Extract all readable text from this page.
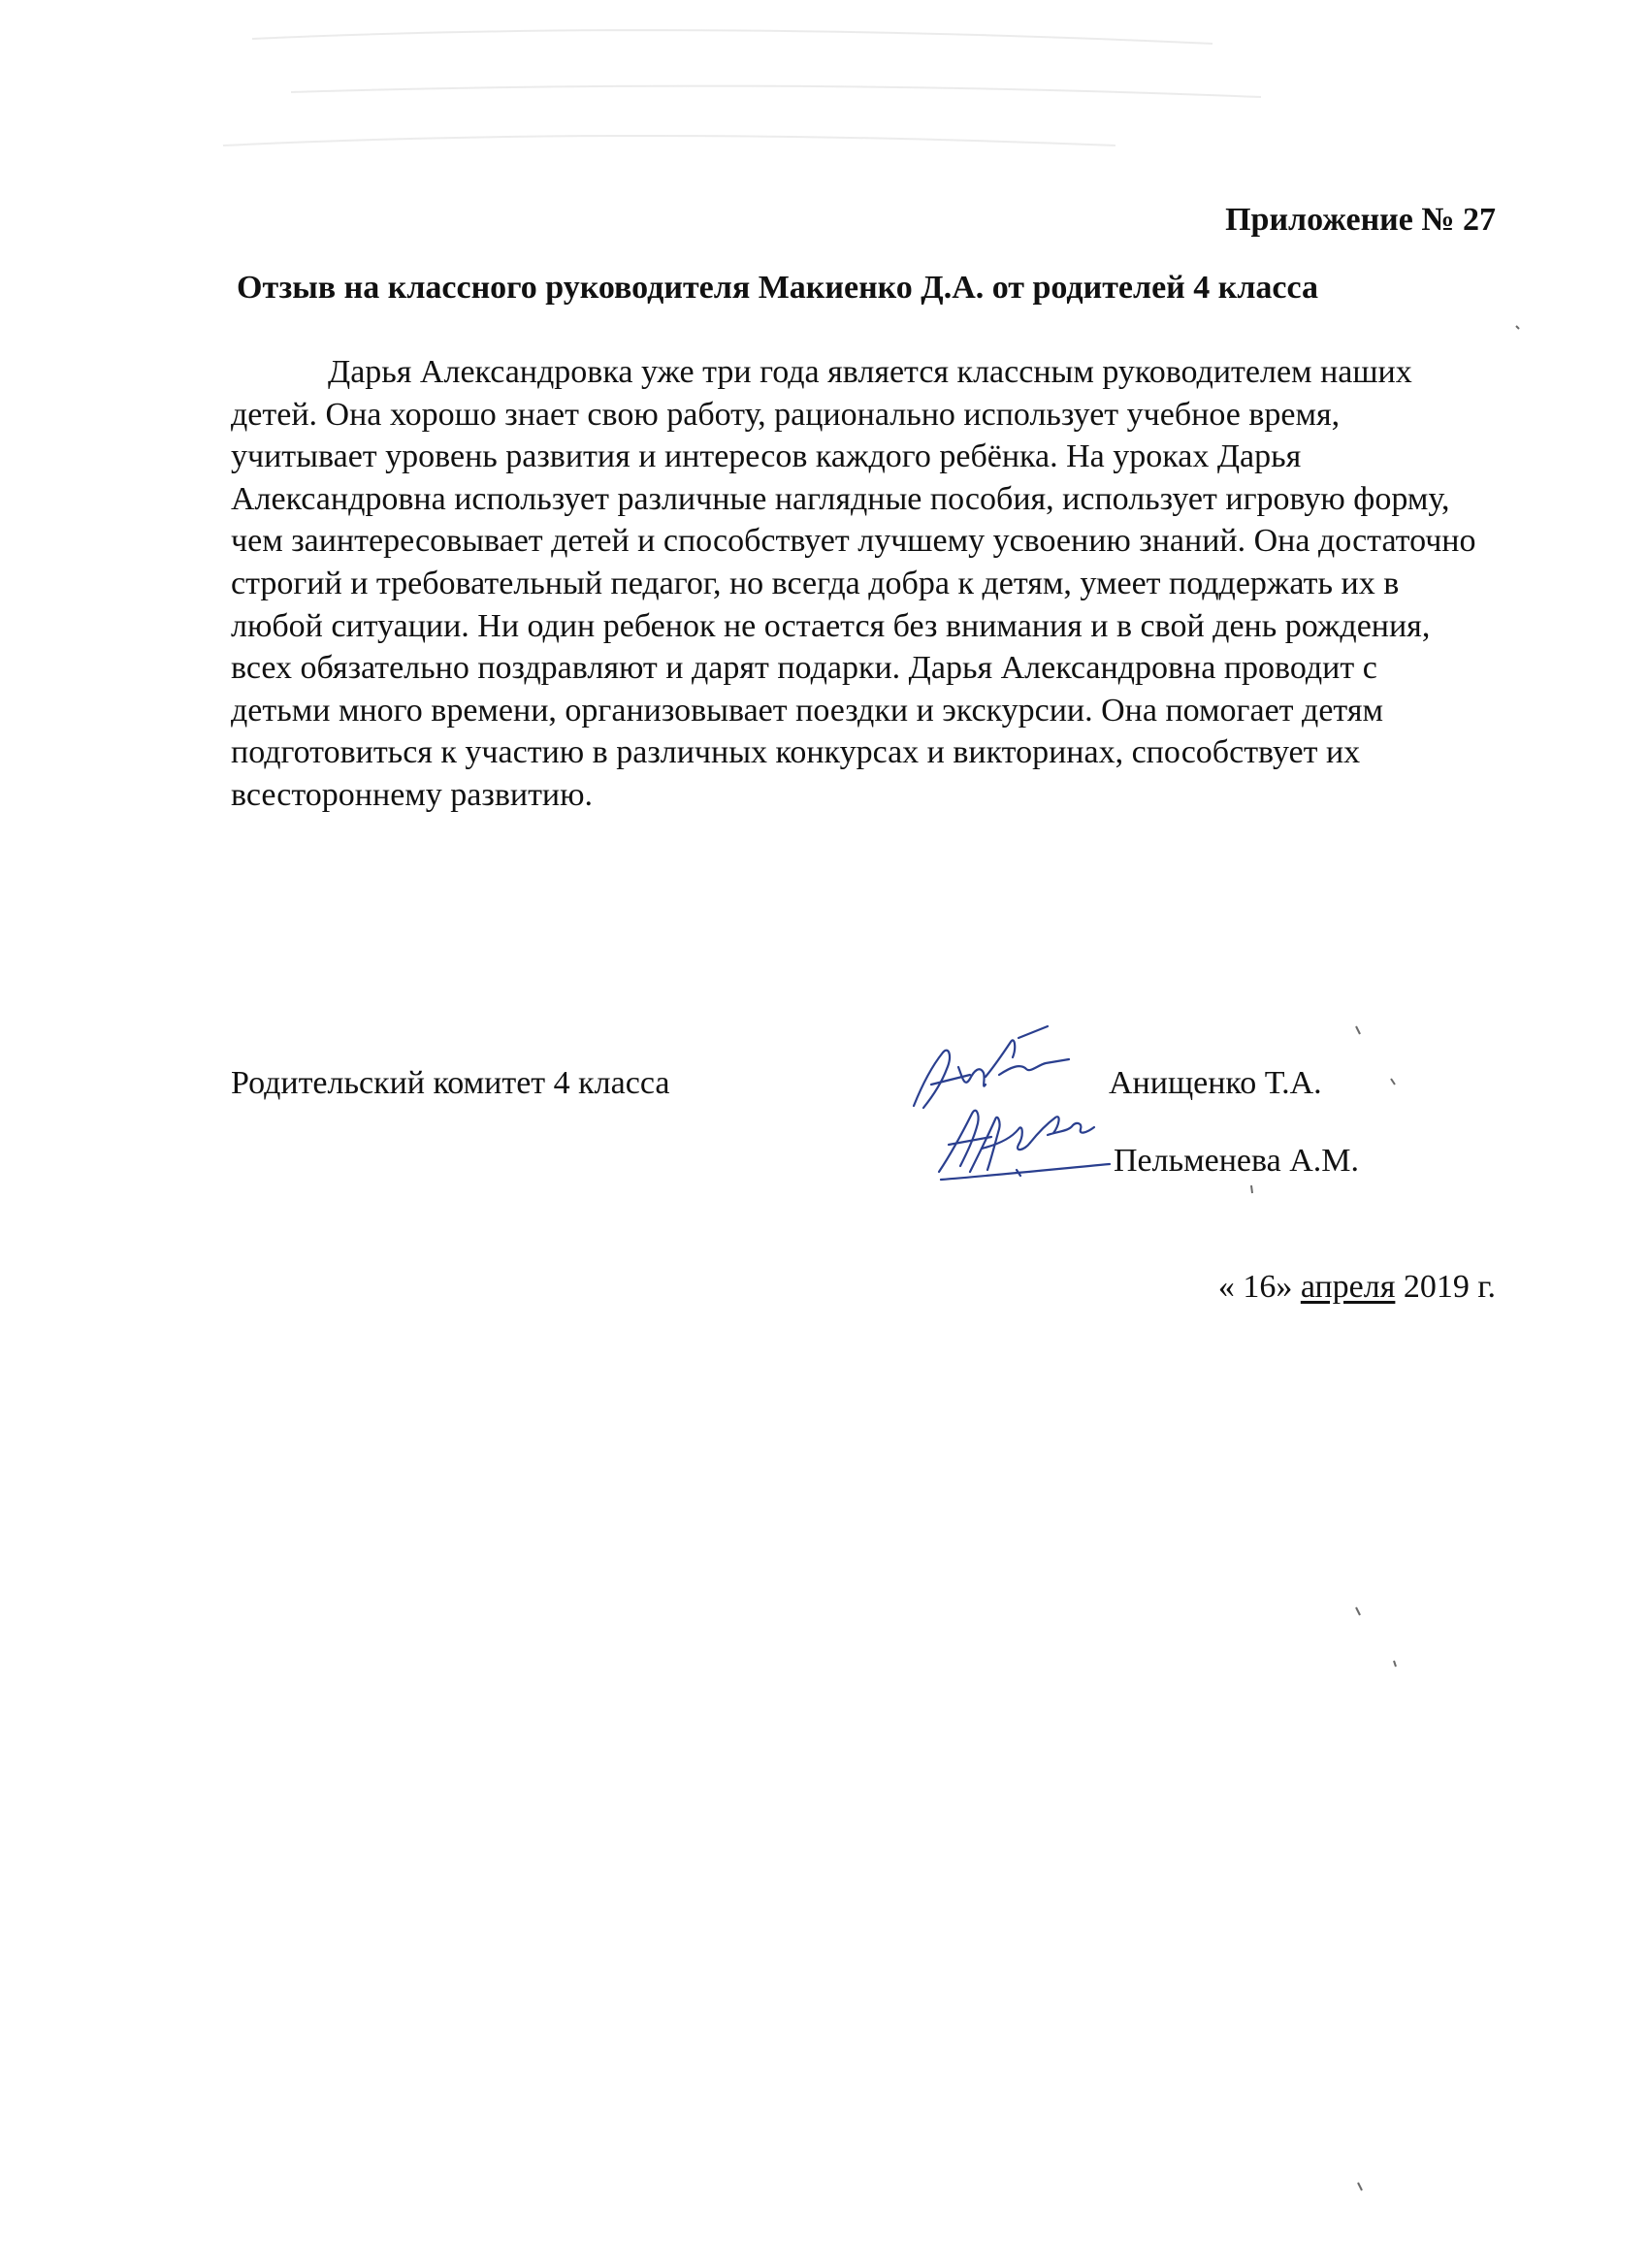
Приложение № 27
Отзыв на классного руководителя Макиенко Д.А. от родителей 4 класса

Дарья Александровка уже три года является классным руководителем наших детей. Она хорошо знает свою работу, рационально использует учебное время, учитывает уровень развития и интересов каждого ребёнка. На уроках Дарья Александровна использует различные наглядные пособия, использует игровую форму, чем заинтересовывает детей и способствует лучшему усвоению знаний. Она достаточно строгий и требовательный педагог, но всегда добра к детям, умеет поддержать их в любой ситуации. Ни один ребенок не остается без внимания и в свой день рождения, всех обязательно поздравляют и дарят подарки. Дарья Александровна проводит с детьми много времени, организовывает поездки и экскурсии. Она помогает детям подготовиться к участию в различных конкурсах и викторинах, способствует их всестороннему развитию.

Родительский комитет 4 класса	Анищенко Т.А.
Пельменева А.М.
« 16» апреля 2019 г.
